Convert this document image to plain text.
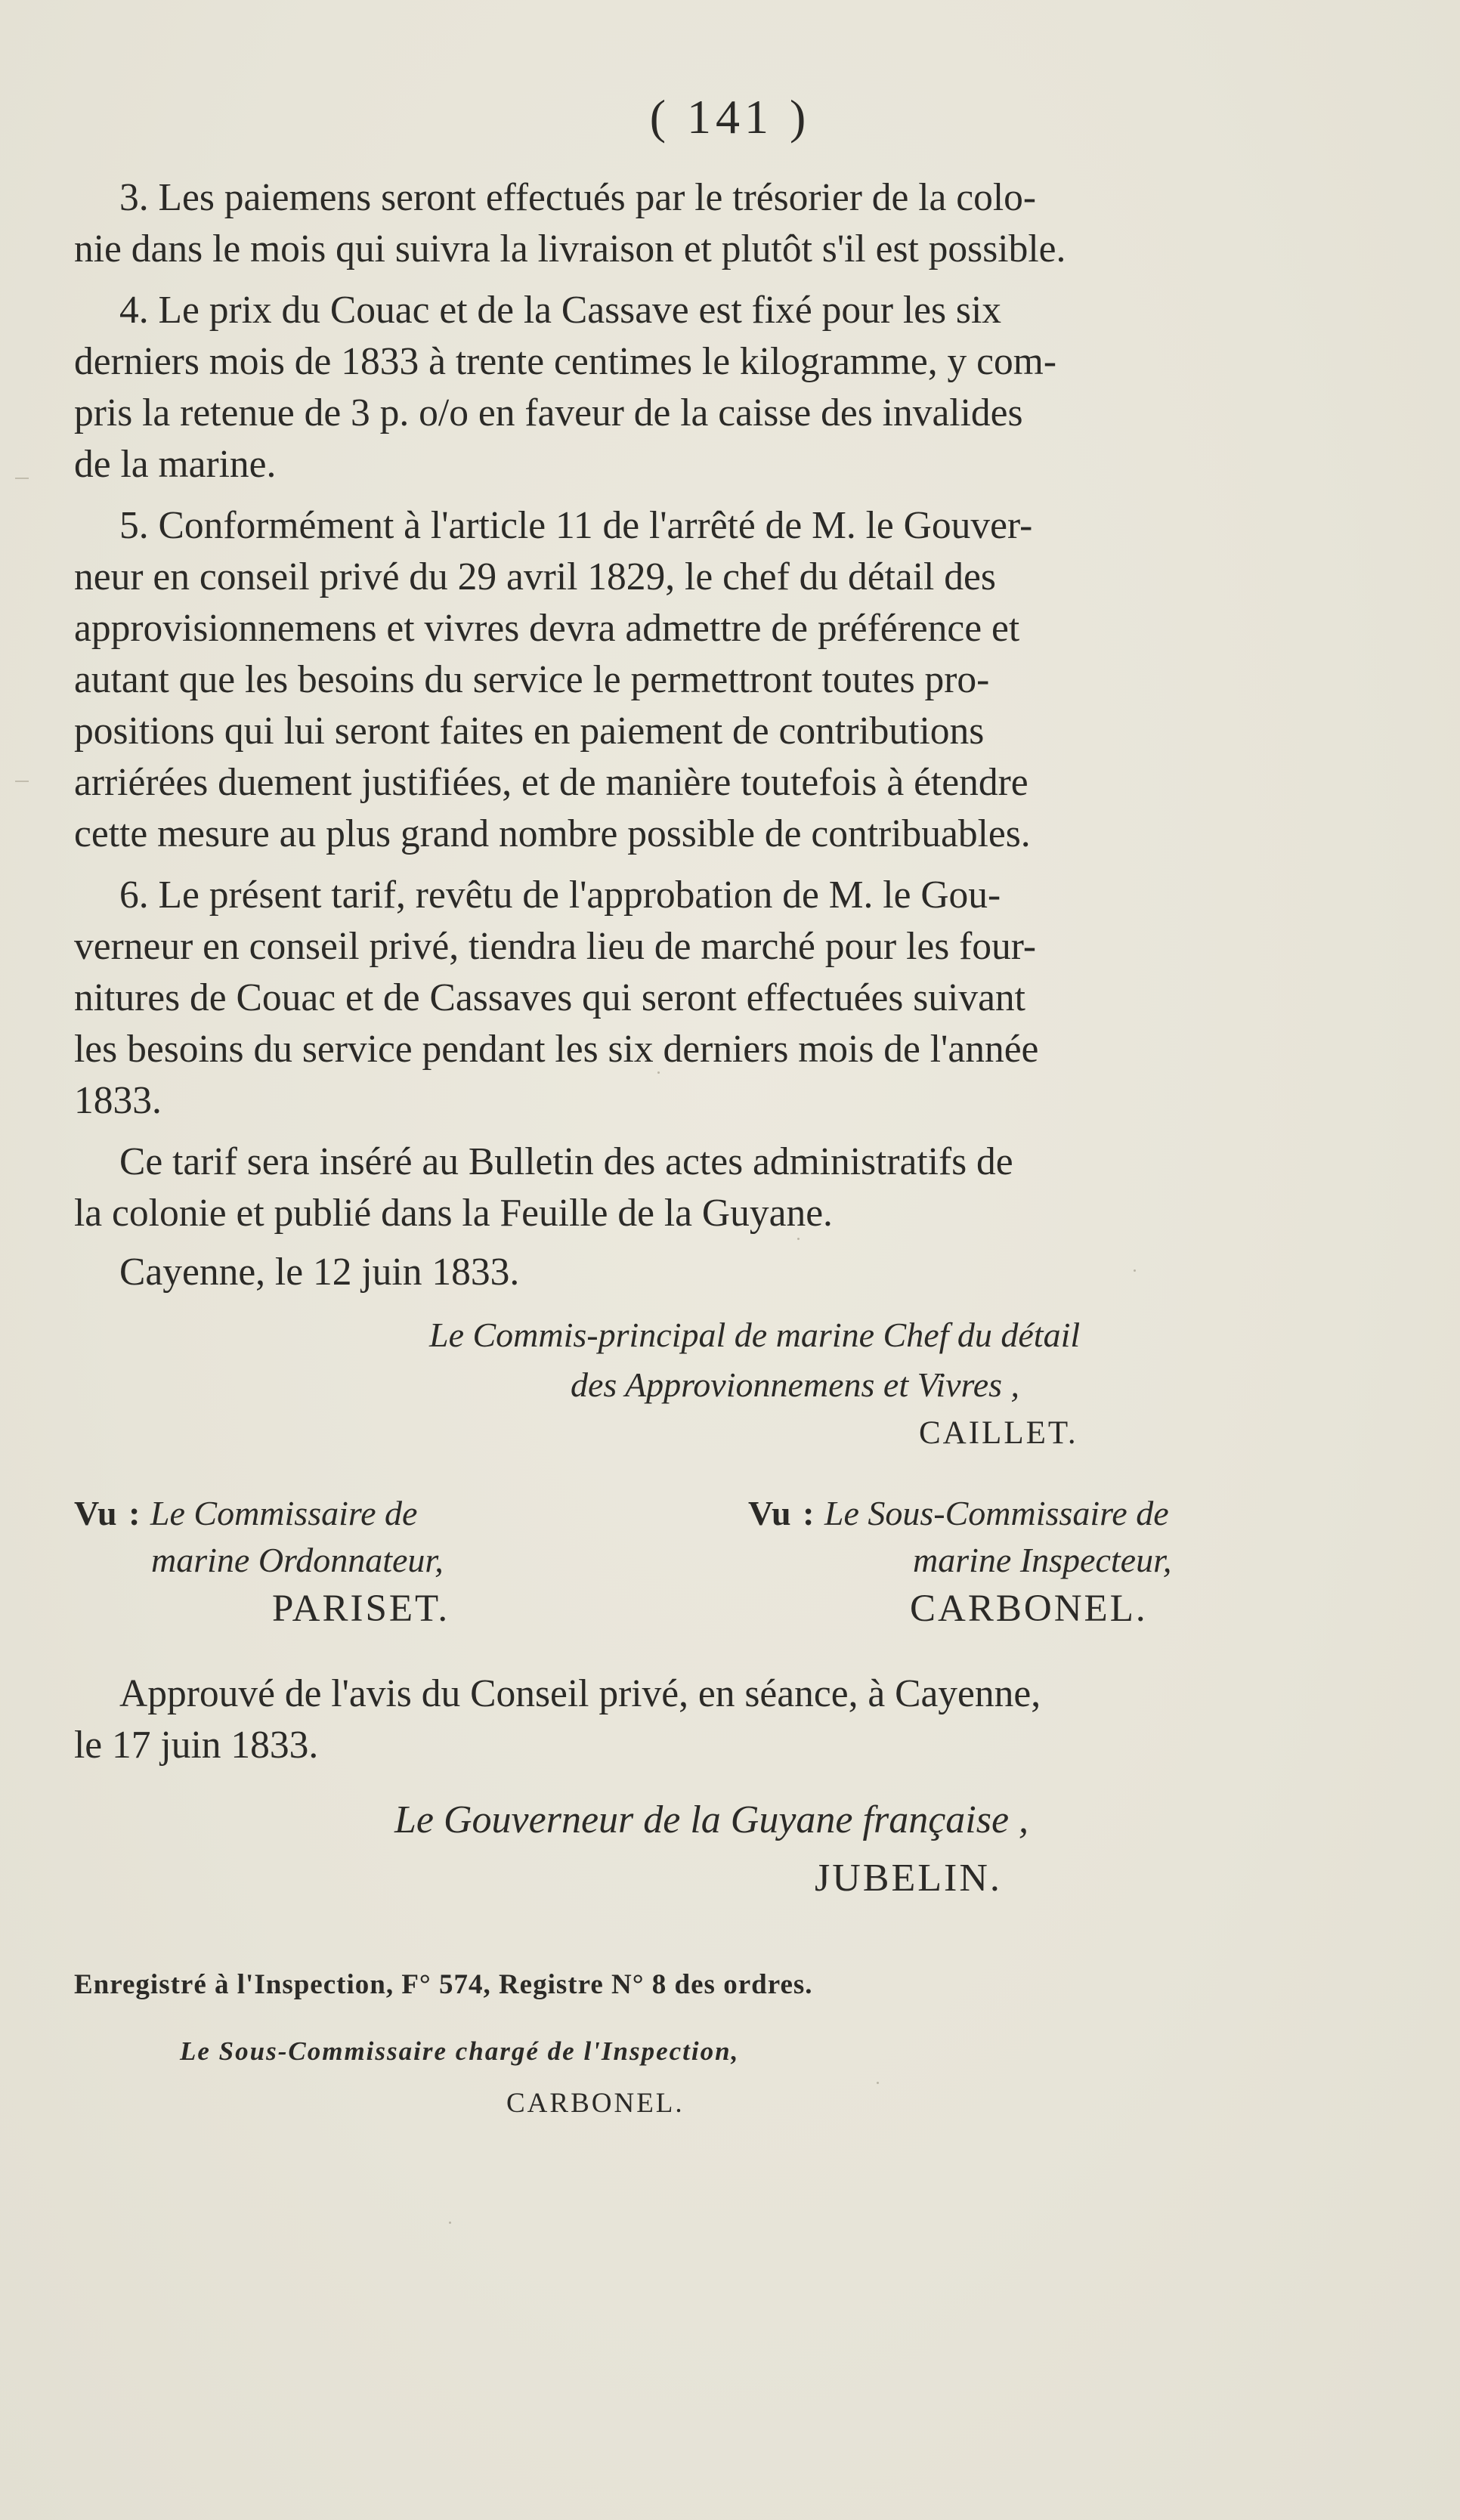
( 141 )

3. Les paiemens seront effectués par le trésorier de la colo-
nie dans le mois qui suivra la livraison et plutôt s'il est possible.

4. Le prix du Couac et de la Cassave est fixé pour les six
derniers mois de 1833 à trente centimes le kilogramme, y com-
pris la retenue de 3 p. o/o en faveur de la caisse des invalides
de la marine.

5. Conformément à l'article 11 de l'arrêté de M. le Gouver-
neur en conseil privé du 29 avril 1829, le chef du détail des
approvisionnemens et vivres devra admettre de préférence et
autant que les besoins du service le permettront toutes pro-
positions qui lui seront faites en paiement de contributions
arriérées duement justifiées, et de manière toutefois à étendre
cette mesure au plus grand nombre possible de contribuables.

6. Le présent tarif, revêtu de l'approbation de M. le Gou-
verneur en conseil privé, tiendra lieu de marché pour les four-
nitures de Couac et de Cassaves qui seront effectuées suivant
les besoins du service pendant les six derniers mois de l'année
1833.

Ce tarif sera inséré au Bulletin des actes administratifs de
la colonie et publié dans la Feuille de la Guyane.

Cayenne, le 12 juin 1833.

Le Commis-principal de marine Chef du détail
des Approvionnemens et Vivres ,
CAILLET.
Vu : Le Commissaire de
marine Ordonnateur,
PARISET.
Vu : Le Sous-Commissaire de
marine Inspecteur,
CARBONEL.
Approuvé de l'avis du Conseil privé, en séance, à Cayenne,
le 17 juin 1833.
Le Gouverneur de la Guyane française ,
JUBELIN.
Enregistré à l'Inspection, F° 574, Registre N° 8 des ordres.
Le Sous-Commissaire chargé de l'Inspection,
CARBONEL.
